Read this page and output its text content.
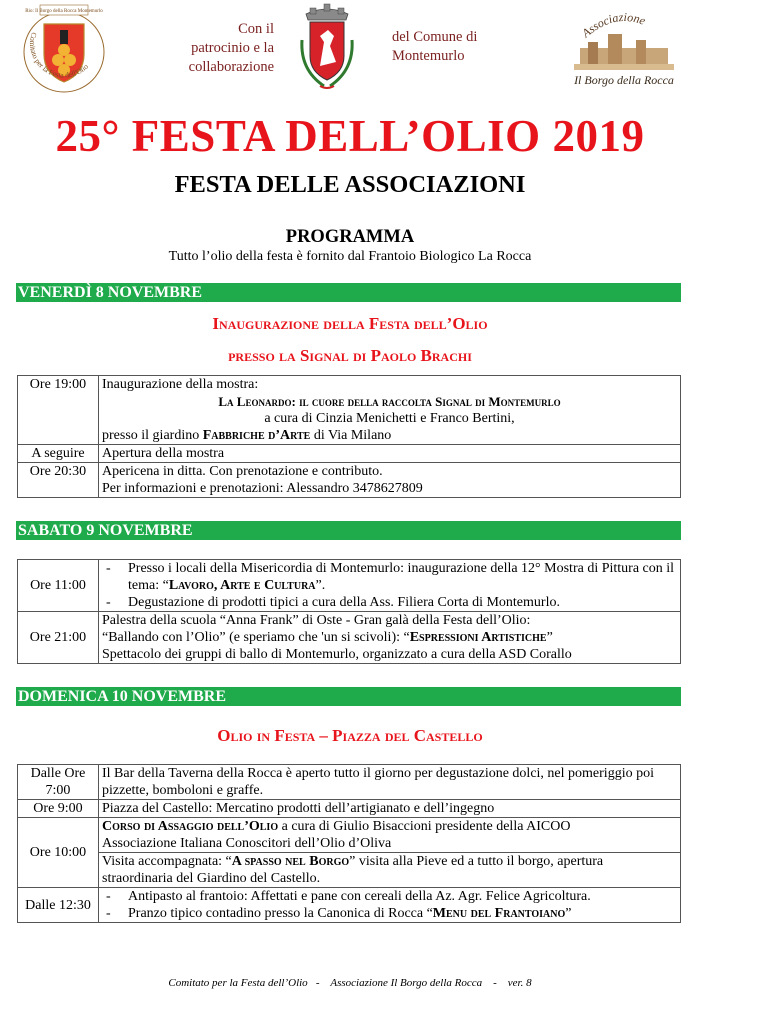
Rio: Il Borgo della Rocca Montemurlo
Comitato per la Festa dell'Olio
Con il
patrocinio e la
collaborazione
del Comune di
Montemurlo
Associazione
Il Borgo della Rocca
25° FESTA DELL’OLIO 2019
FESTA DELLE ASSOCIAZIONI
PROGRAMMA
Tutto l’olio della festa è fornito dal Frantoio Biologico La Rocca
VENERDÌ 8 NOVEMBRE
Inaugurazione della Festa dell’Olio
presso la Signal di Paolo Brachi
Ore 19:00	Inaugurazione della mostra:
La Leonardo: il cuore della raccolta Signal di Montemurlo
a cura di Cinzia Menichetti e Franco Bertini,
presso il giardino Fabbriche d’Arte di Via Milano

A seguire	Apertura della mostra
Ore 20:30	Apericena in ditta. Con prenotazione e contributo.
Per informazioni e prenotazioni: Alessandro 3478627809
SABATO 9 NOVEMBRE
Ore 11:00	- Presso i locali della Misericordia di Montemurlo: inaugurazione della 12° Mostra di Pittura con il tema: “Lavoro, Arte e Cultura”.
- Degustazione di prodotti tipici a cura della Ass. Filiera Corta di Montemurlo.

Ore 21:00	Palestra della scuola “Anna Frank” di Oste - Gran galà della Festa dell’Olio:
“Ballando con l’Olio” (e speriamo che 'un si scivoli): “Espressioni Artistiche”
Spettacolo dei gruppi di ballo di Montemurlo, organizzato a cura della ASD Corallo
DOMENICA 10 NOVEMBRE
Olio in Festa – Piazza del Castello
Dalle Ore 7:00	Il Bar della Taverna della Rocca è aperto tutto il giorno per degustazione dolci, nel pomeriggio poi pizzette, bomboloni e graffe.
Ore 9:00	Piazza del Castello: Mercatino prodotti dell’artigianato e dell’ingegno
Ore 10:00	Corso di Assaggio dell’Olio a cura di Giulio Bisaccioni presidente della AICOO
Associazione Italiana Conoscitori dell’Olio d’Oliva

	Visita accompagnata: “A spasso nel Borgo” visita alla Pieve ed a tutto il borgo, apertura straordinaria del Giardino del Castello.
Dalle 12:30	- Antipasto al frantoio: Affettati e pane con cereali della Az. Agr. Felice Agricoltura.
- Pranzo tipico contadino presso la Canonica di Rocca “Menu del Frantoiano”
Comitato per la Festa dell’Olio   -    Associazione Il Borgo della Rocca    -    ver. 8
